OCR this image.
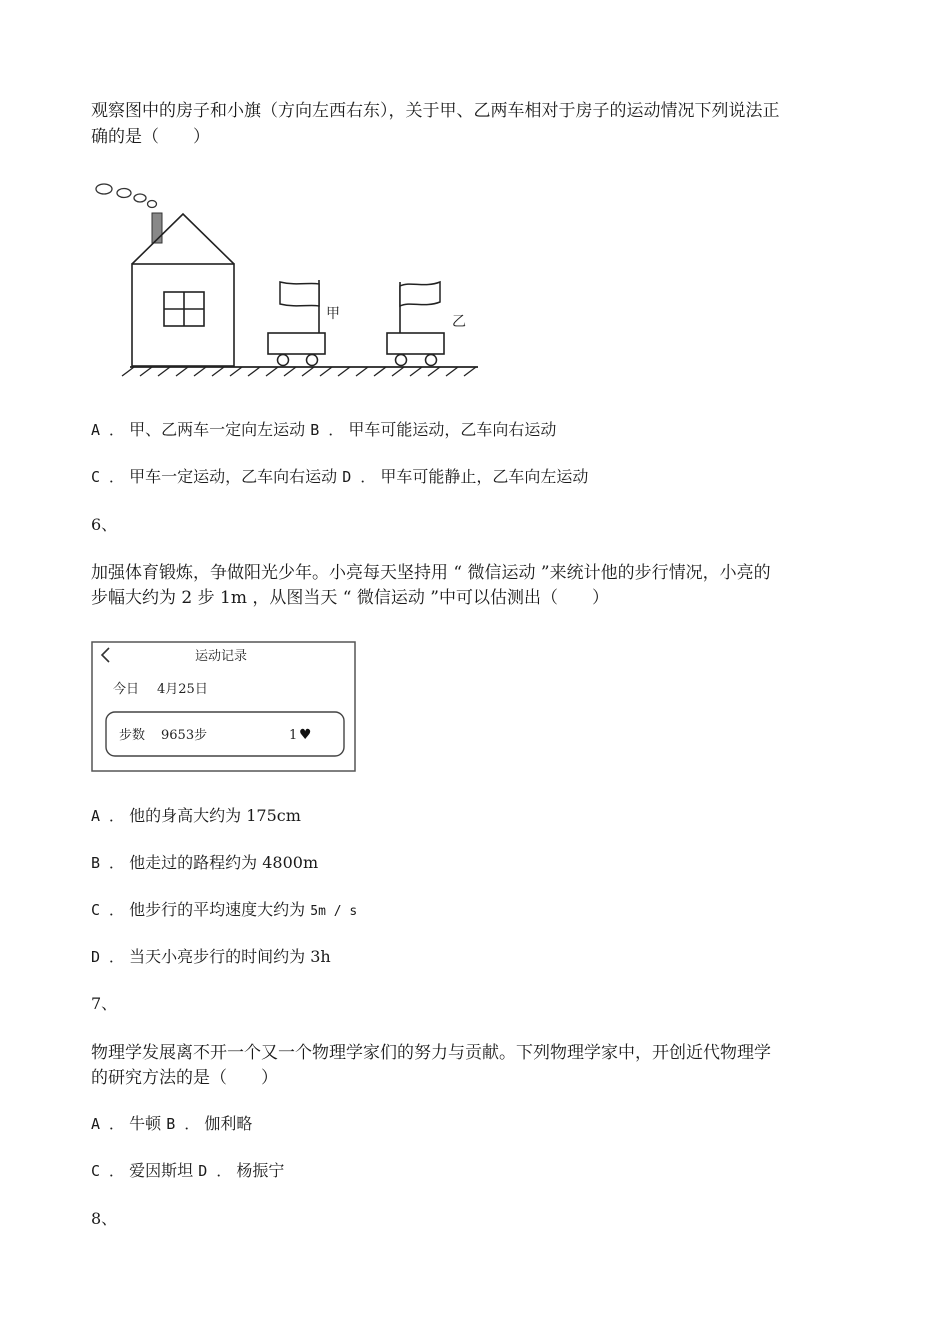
观察图中的房子和小旗（方向左西右东），关于甲、乙两车相对于房子的运动情况下列说法正
确的是（　　）
甲	乙
A ． 甲、乙两车一定向左运动 B ． 甲车可能运动，乙车向右运动
C ． 甲车一定运动，乙车向右运动 D ． 甲车可能静止，乙车向左运动
6、
加强体育锻炼，争做阳光少年。小亮每天坚持用 “ 微信运动 ”来统计他的步行情况，小亮的
步幅大约为 2 步 1m ，从图当天 “ 微信运动 ”中可以估测出（　　）
运动记录
今日 4月25日
步数 9653步	1 ♥
A ． 他的身高大约为 175cm
B ． 他走过的路程约为 4800m
C ． 他步行的平均速度大约为 5m / s
D ． 当天小亮步行的时间约为 3h
7、
物理学发展离不开一个又一个物理学家们的努力与贡献。下列物理学家中，开创近代物理学
的研究方法的是（　　）
A ． 牛顿 B ． 伽利略
C ． 爱因斯坦 D ． 杨振宁
8、
